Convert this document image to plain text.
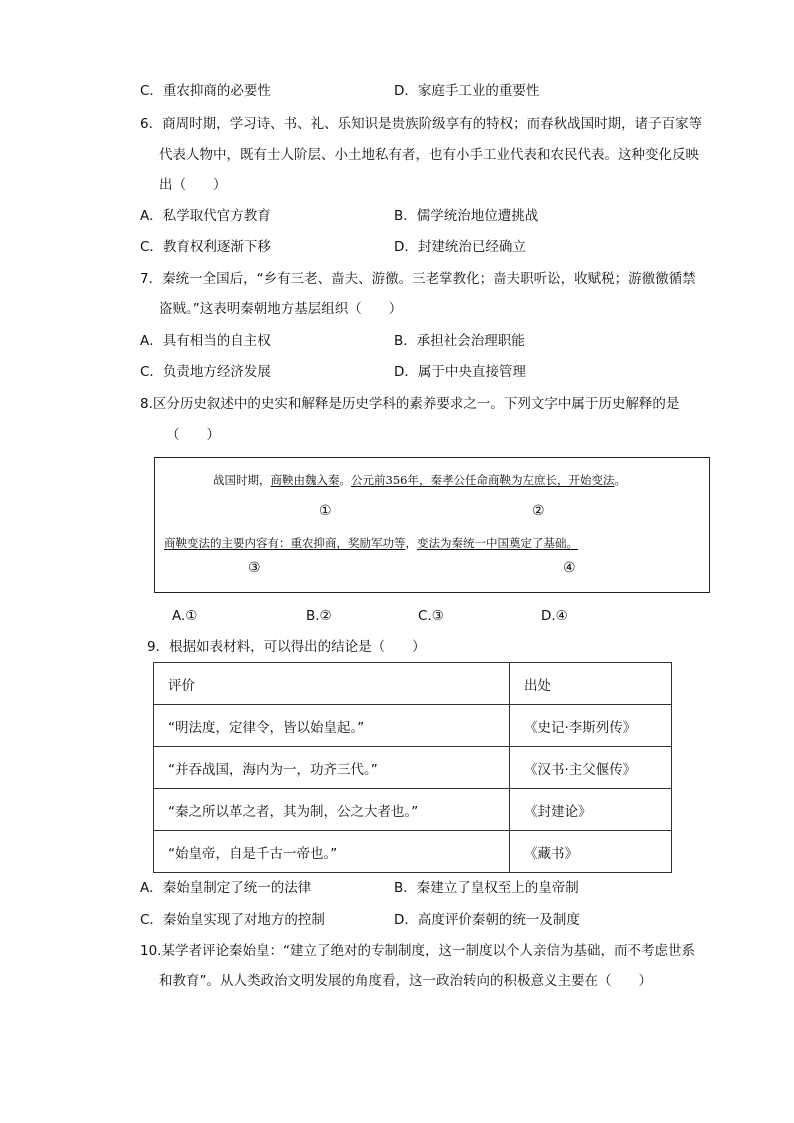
C．重农抑商的必要性	D．家庭手工业的重要性
6．商周时期，学习诗、书、礼、乐知识是贵族阶级享有的特权；而春秋战国时期，诸子百家等
代表人物中，既有士人阶层、小土地私有者，也有小手工业代表和农民代表。这种变化反映
出（　　）
A．私学取代官方教育	B．儒学统治地位遭挑战
C．教育权利逐渐下移	D．封建统治已经确立
7．秦统一全国后，“乡有三老、啬夫、游徼。三老掌教化；啬夫职听讼，收赋税；游徼徼循禁
盗贼。”这表明秦朝地方基层组织（　　）
A．具有相当的自主权	B．承担社会治理职能
C．负责地方经济发展	D．属于中央直接管理
8.区分历史叙述中的史实和解释是历史学科的素养要求之一。下列文字中属于历史解释的是
（　　）
战国时期，商鞅由魏入秦。公元前356年，秦孝公任命商鞅为左庶长，开始变法。
①	②
商鞅变法的主要内容有：重农抑商，奖励军功等，变法为秦统一中国奠定了基础。
③	④
A.①	B.②	C.③	D.④
9．根据如表材料，可以得出的结论是（　　）
评价	出处
“明法度，定律令，皆以始皇起。”	《史记·李斯列传》
“并吞战国，海内为一，功齐三代。”	《汉书·主父偃传》
“秦之所以革之者，其为制，公之大者也。”	《封建论》
“始皇帝，自是千古一帝也。”	《藏书》
A．秦始皇制定了统一的法律	B．秦建立了皇权至上的皇帝制
C．秦始皇实现了对地方的控制	D．高度评价秦朝的统一及制度
10.某学者评论秦始皇：“建立了绝对的专制制度，这一制度以个人亲信为基础，而不考虑世系
和教育”。从人类政治文明发展的角度看，这一政治转向的积极意义主要在（　　）
